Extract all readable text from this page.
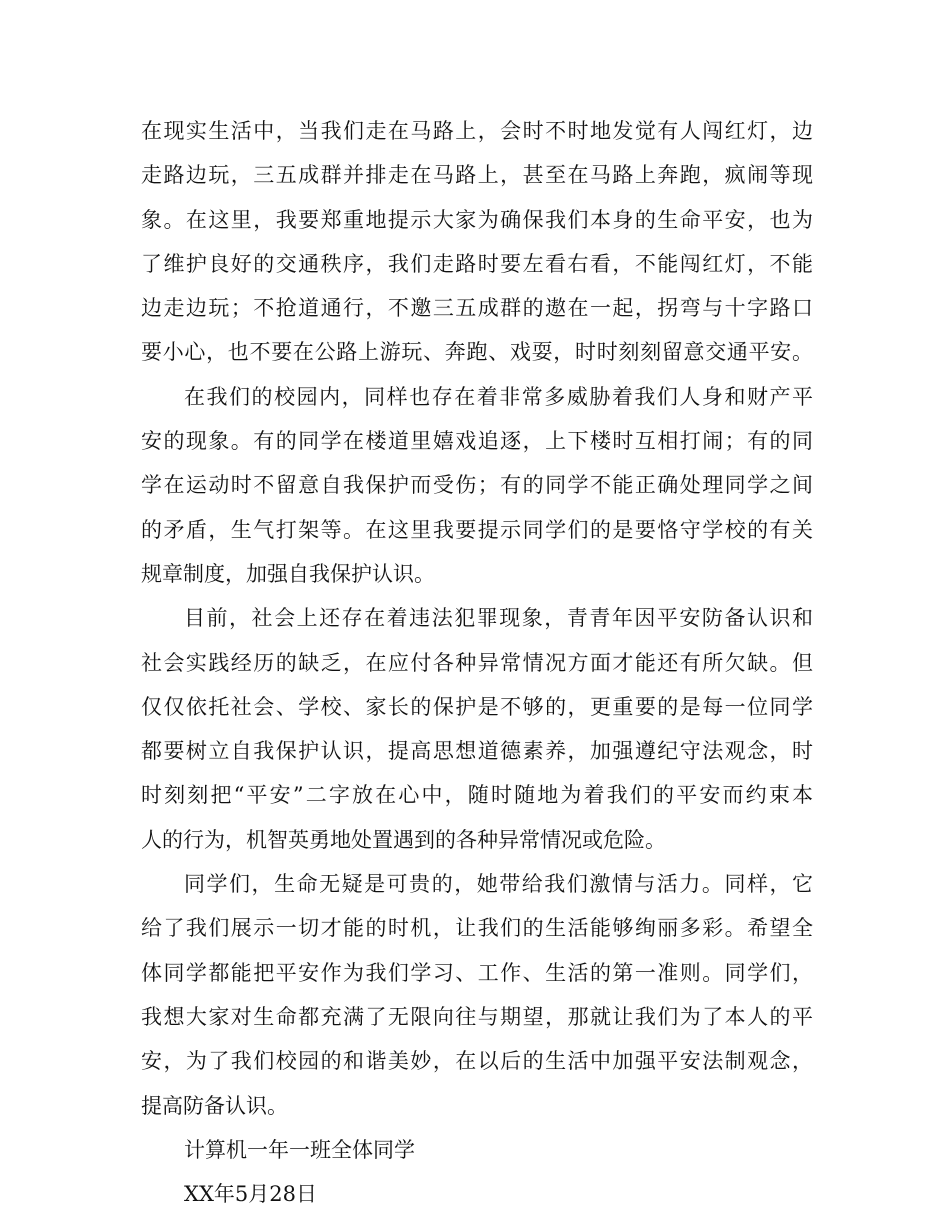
在现实生活中，当我们走在马路上，会时不时地发觉有人闯红灯，边
走路边玩，三五成群并排走在马路上，甚至在马路上奔跑，疯闹等现
象。在这里，我要郑重地提示大家为确保我们本身的生命平安，也为
了维护良好的交通秩序，我们走路时要左看右看，不能闯红灯，不能
边走边玩；不抢道通行，不邀三五成群的遨在一起，拐弯与十字路口
要小心，也不要在公路上游玩、奔跑、戏耍，时时刻刻留意交通平安。
在我们的校园内，同样也存在着非常多威胁着我们人身和财产平
安的现象。有的同学在楼道里嬉戏追逐，上下楼时互相打闹；有的同
学在运动时不留意自我保护而受伤；有的同学不能正确处理同学之间
的矛盾，生气打架等。在这里我要提示同学们的是要恪守学校的有关
规章制度，加强自我保护认识。
目前，社会上还存在着违法犯罪现象，青青年因平安防备认识和
社会实践经历的缺乏，在应付各种异常情况方面才能还有所欠缺。但
仅仅依托社会、学校、家长的保护是不够的，更重要的是每一位同学
都要树立自我保护认识，提高思想道德素养，加强遵纪守法观念，时
时刻刻把“平安”二字放在心中，随时随地为着我们的平安而约束本
人的行为，机智英勇地处置遇到的各种异常情况或危险。
同学们，生命无疑是可贵的，她带给我们激情与活力。同样，它
给了我们展示一切才能的时机，让我们的生活能够绚丽多彩。希望全
体同学都能把平安作为我们学习、工作、生活的第一准则。同学们，
我想大家对生命都充满了无限向往与期望，那就让我们为了本人的平
安，为了我们校园的和谐美妙，在以后的生活中加强平安法制观念，
提高防备认识。
计算机一年一班全体同学
XX年5月28日
